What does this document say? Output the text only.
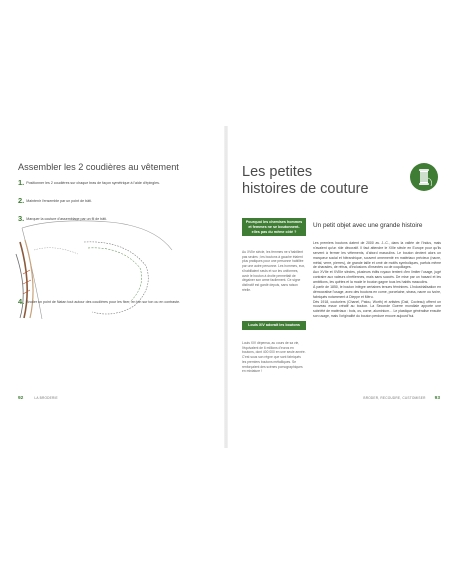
Assembler les 2 coudières au vêtement
1. Positionner les 2 coudières sur chaque bras de façon symétrique à l'aide d'épingles.
2. Maintenir l'ensemble par un point de bâti.
3. Marquer la couture d'assemblage par un fil de bâti.
4. Broder un point de Natan tout autour des coudières pour les fixer, en ton sur ton ou en contraste.
92	LA BRODERIE
Les petites
histoires de couture
Pourquoi les chemises hommes et femmes ne se boutonnent-elles pas du même côté ?
Au XVIIe siècle, les femmes ne s'habillent pas seules ; les boutons à gauche étaient plus pratiques pour une personne habillée par une autre personne. Les hommes, eux, s'habillaient seuls et sur les uniformes, avoir le bouton à droite permettait de dégainer son arme facilement. Ce signe distinctif est gardé depuis, sans raison réelle.
Louis XIV adorait les boutons
Louis XIV dépensa, au cours de sa vie, l'équivalent de 6 millions d'euros en boutons, dont 400 000 en une seule année. C'est sous son règne que sont fabriqués les premiers boutons métalliques. Se renforçaient des scènes pornographiques en miniature !
Un petit objet avec une grande histoire
Les premiers boutons datent de 2000 av. J.-C., dans la vallée de l'Indus, mais n'avaient qu'un rôle décoratif. Il faut attendre le XIIIe siècle en Europe pour qu'ils servent à fermer les vêtements, d'abord masculins. Le bouton devient alors un marqueur social et hiérarchique, souvent ornementé en matériaux précieux (nacre, métal, verre, pierres), de grande taille et orné de motifs symboliques, parfois même de charades, de rébus, d'inclusions d'insectes ou de coquillages.
Aux XVIIe et XVIIIe siècles, plusieurs édits royaux tentent d'en limiter l'usage, jugé contraire aux valeurs chrétiennes, mais sans succès. De mise par un hasard et les ambitions, les quêtes et la mode le bouton gagne tous les habits masculins.
À partir de 1850, le bouton intègre certaines tenues féminines. L'industrialisation en démocratise l'usage, avec des boutons en corne, porcelaine, strass, nacre ou ivoire, fabriqués notamment à Dieppe et Méru.
Dès 1918, couturiers (Chanel, Patou, Worth) et artistes (Dalí, Cocteau) offrent un nouveau essor créatif au bouton. La Seconde Guerre mondiale apporte une sobriété de matériaux : bois, os, corne, aluminium… Le plastique généralise ensuite son usage, mais l'originalité du bouton perdure encore aujourd'hui.
BRODER, RECOUDRE, CUSTOMISER 93
